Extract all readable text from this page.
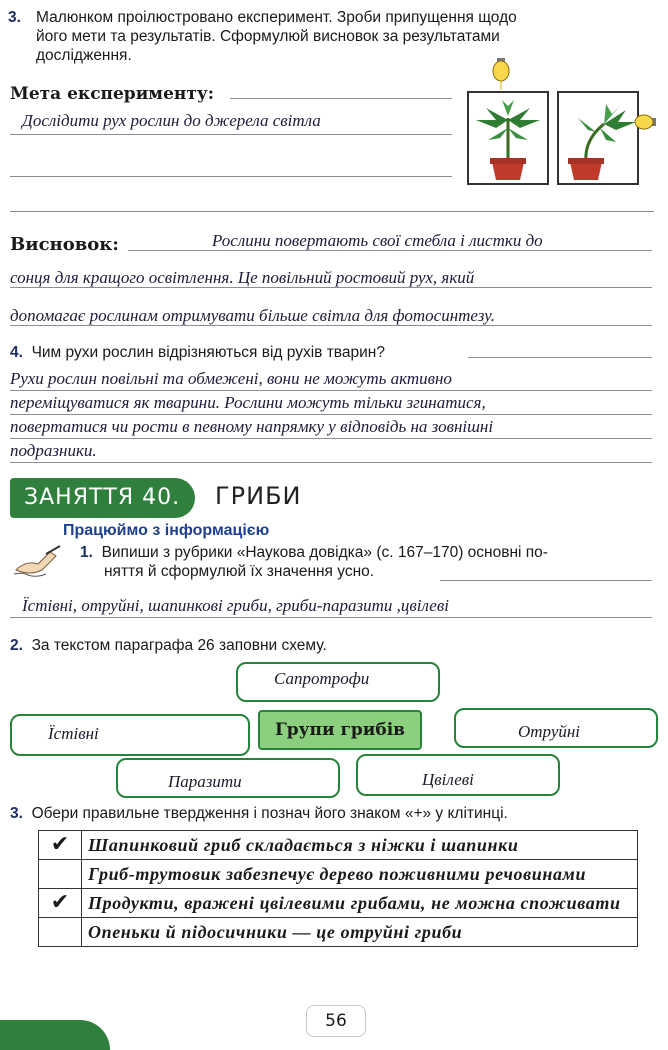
3. Малюнком проілюстровано експеримент. Зроби припущення щодо
його мети та результатів. Сформулюй висновок за результатами
дослідження.
Мета експерименту:
Дослідити рух рослин до джерела світла
Висновок:	Рослини повертають свої стебла і листки до
сонця для кращого освітлення. Це повільний ростовий рух, який
допомагає рослинам отримувати більше світла для фотосинтезу.
4. Чим рухи рослин відрізняються від рухів тварин?
Рухи рослин повільні та обмежені, вони не можуть активно
переміщуватися як тварини. Рослини можуть тільки згинатися,
повертатися чи рости в певному напрямку у відповідь на зовнішні
подразники.
ЗАНЯТТЯ 40.	ГРИБИ
Працюймо з інформацією
1. Випиши з рубрики «Наукова довідка» (с. 167–170) основні по-
няття й сформулюй їх значення усно.
Їстівні, отруйні, шапинкові гриби, гриби-паразити ,цвілеві
2. За текстом параграфа 26 заповни схему.
Сапротрофи
Їстівні	Отруйні
Паразити	Цвілеві
Групи грибів
3. Обери правильне твердження і познач його знаком «+» у клітинці.
✔	Шапинковий гриб складається з ніжки і шапинки
	Гриб-трутовик забезпечує дерево поживними речовинами
✔	Продукти, вражені цвілевими грибами, не можна споживати
	Опеньки й підосичники — це отруйні гриби
56
